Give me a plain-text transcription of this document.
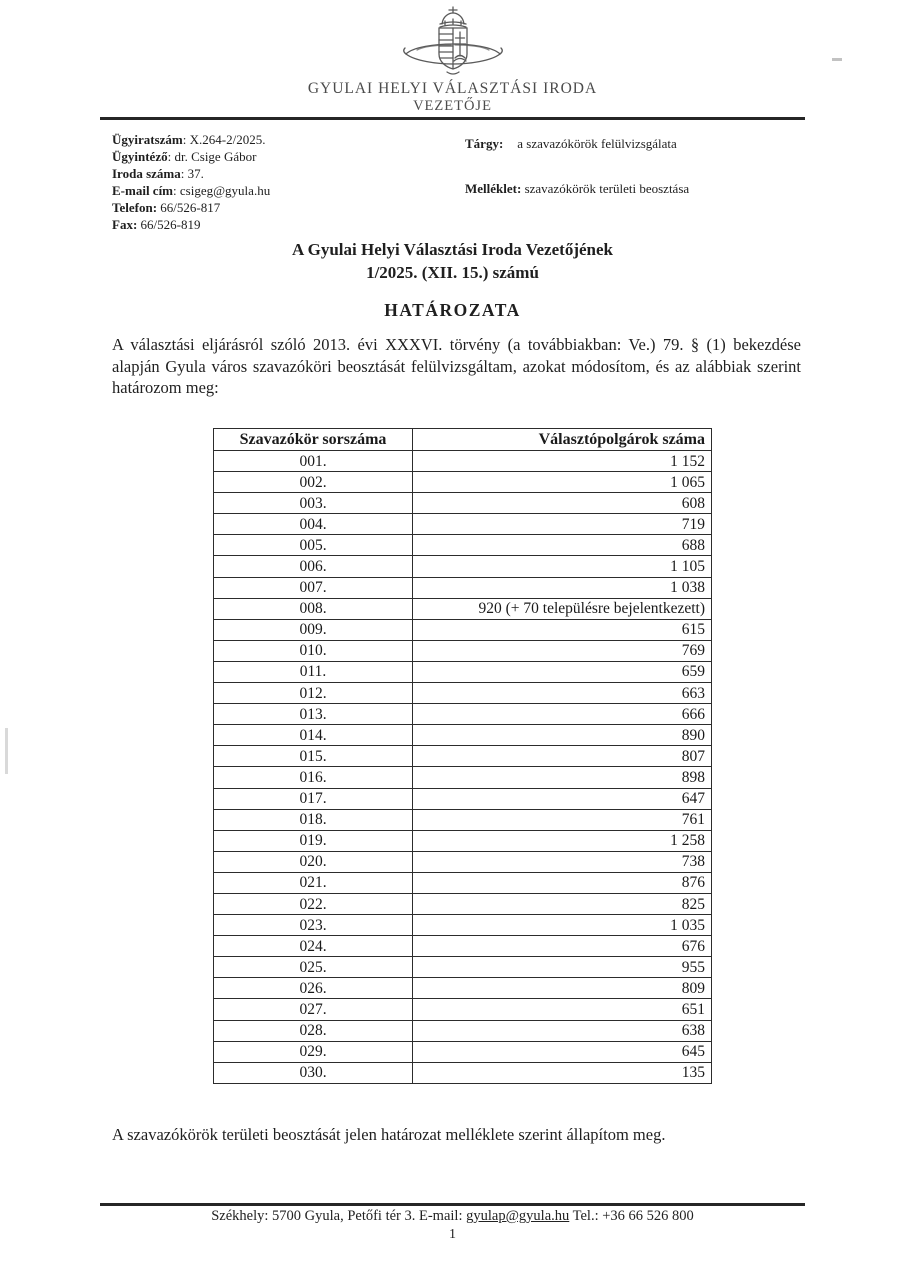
GYULAI HELYI VÁLASZTÁSI IRODA
VEZETŐJE
Ügyiratszám: X.264-2/2025.
Ügyintéző: dr. Csige Gábor
Iroda száma: 37.
E-mail cím: csigeg@gyula.hu
Telefon: 66/526-817
Fax: 66/526-819
Tárgy: a szavazókörök felülvizsgálata
Melléklet: szavazókörök területi beosztása
A Gyulai Helyi Választási Iroda Vezetőjének
1/2025. (XII. 15.) számú
HATÁROZATA
A választási eljárásról szóló 2013. évi XXXVI. törvény (a továbbiakban: Ve.) 79. § (1) bekezdése alapján Gyula város szavazóköri beosztását felülvizsgáltam, azokat módosítom, és az alábbiak szerint határozom meg:
Szavazókör sorszáma	Választópolgárok száma
001.	1 152
002.	1 065
003.	608
004.	719
005.	688
006.	1 105
007.	1 038
008.	920 (+ 70 településre bejelentkezett)
009.	615
010.	769
011.	659
012.	663
013.	666
014.	890
015.	807
016.	898
017.	647
018.	761
019.	1 258
020.	738
021.	876
022.	825
023.	1 035
024.	676
025.	955
026.	809
027.	651
028.	638
029.	645
030.	135
A szavazókörök területi beosztását jelen határozat melléklete szerint állapítom meg.
Székhely: 5700 Gyula, Petőfi tér 3. E-mail: gyulap@gyula.hu Tel.: +36 66 526 800
1
